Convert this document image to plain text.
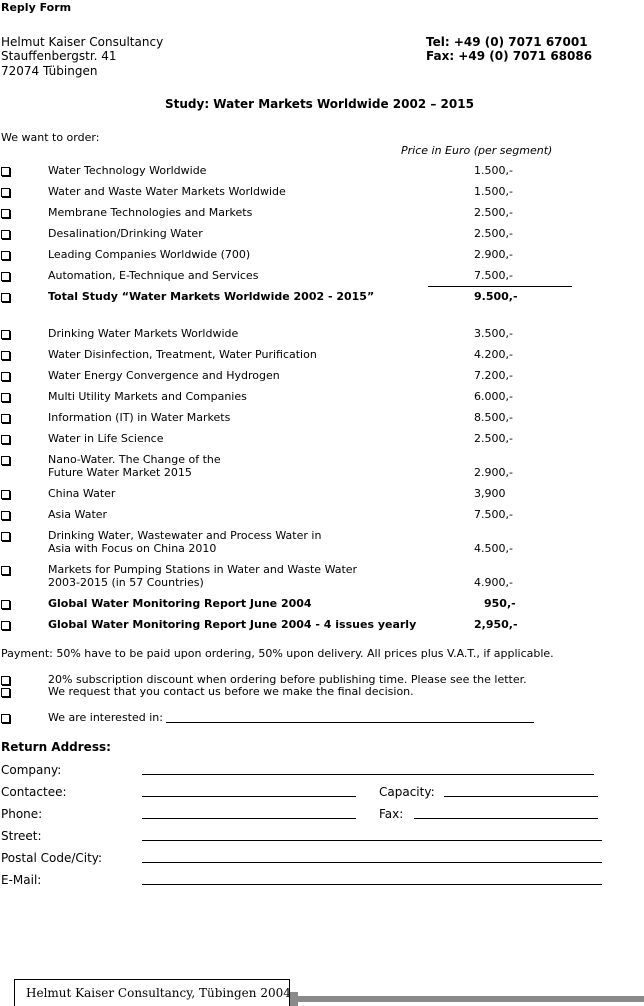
Reply Form
Helmut Kaiser Consultancy
Stauffenbergstr. 41
72074 Tübingen
Tel: +49 (0) 7071 67001
Fax: +49 (0) 7071 68086
Study: Water Markets Worldwide 2002 – 2015
We want to order:
Price in Euro (per segment)
Water Technology Worldwide	1.500,-
Water and Waste Water Markets Worldwide	1.500,-
Membrane Technologies and Markets	2.500,-
Desalination/Drinking Water	2.500,-
Leading Companies Worldwide (700)	2.900,-
Automation, E-Technique and Services	7.500,-
Total Study “Water Markets Worldwide 2002 - 2015”	9.500,-
Drinking Water Markets Worldwide	3.500,-
Water Disinfection, Treatment, Water Purification	4.200,-
Water Energy Convergence and Hydrogen	7.200,-
Multi Utility Markets and Companies	6.000,-
Information (IT) in Water Markets	8.500,-
Water in Life Science	2.500,-
Nano-Water. The Change of the
Future Water Market 2015	2.900,-
China Water	3,900
Asia Water	7.500,-
Drinking Water, Wastewater and Process Water in
Asia with Focus on China 2010	4.500,-
Markets for Pumping Stations in Water and Waste Water
2003-2015 (in 57 Countries)	4.900,-
Global Water Monitoring Report June 2004	950,-
Global Water Monitoring Report June 2004 - 4 issues yearly	2,950,-
Payment: 50% have to be paid upon ordering, 50% upon delivery. All prices plus V.A.T., if applicable.
20% subscription discount when ordering before publishing time. Please see the letter.
We request that you contact us before we make the final decision.
We are interested in:
Return Address:
Company:
Contactee:	Capacity:
Phone:	Fax:
Street:
Postal Code/City:
E-Mail:
Helmut Kaiser Consultancy, Tübingen 2004
